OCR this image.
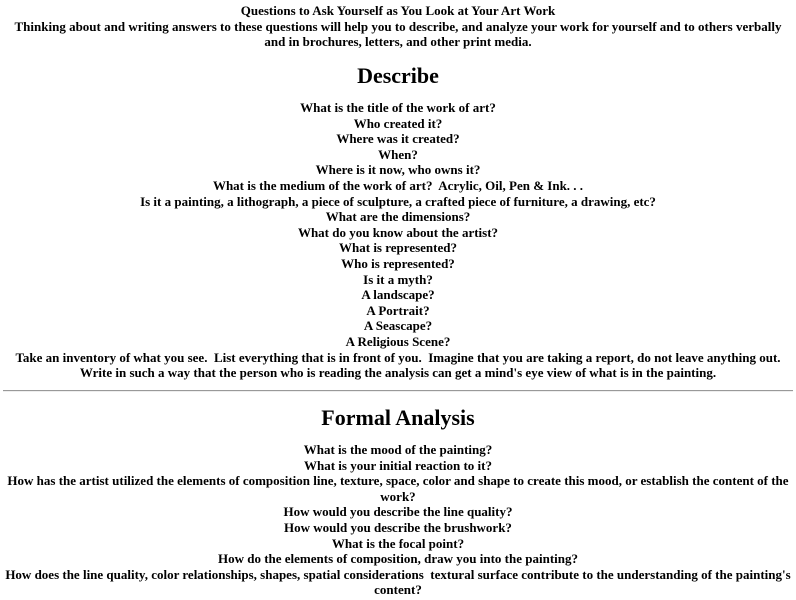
Questions to Ask Yourself as You Look at Your Art Work
Thinking about and writing answers to these questions will help you to describe, and analyze your work for yourself and to others verbally and in brochures, letters, and other print media.
Describe
What is the title of the work of art?
Who created it?
Where was it created?
When?
Where is it now, who owns it?
What is the medium of the work of art?  Acrylic, Oil, Pen & Ink. . .
Is it a painting, a lithograph, a piece of sculpture, a crafted piece of furniture, a drawing, etc?
What are the dimensions?
What do you know about the artist?
What is represented?
Who is represented?
Is it a myth?
A landscape?
A Portrait?
A Seascape?
A Religious Scene?
Take an inventory of what you see.  List everything that is in front of you.  Imagine that you are taking a report, do not leave anything out.  Write in such a way that the person who is reading the analysis can get a mind's eye view of what is in the painting.
Formal Analysis
What is the mood of the painting?
What is your initial reaction to it?
How has the artist utilized the elements of composition line, texture, space, color and shape to create this mood, or establish the content of the work?
How would you describe the line quality?
How would you describe the brushwork?
What is the focal point?
How do the elements of composition, draw you into the painting?
How does the line quality, color relationships, shapes, spatial considerations  textural surface contribute to the understanding of the painting's content?
